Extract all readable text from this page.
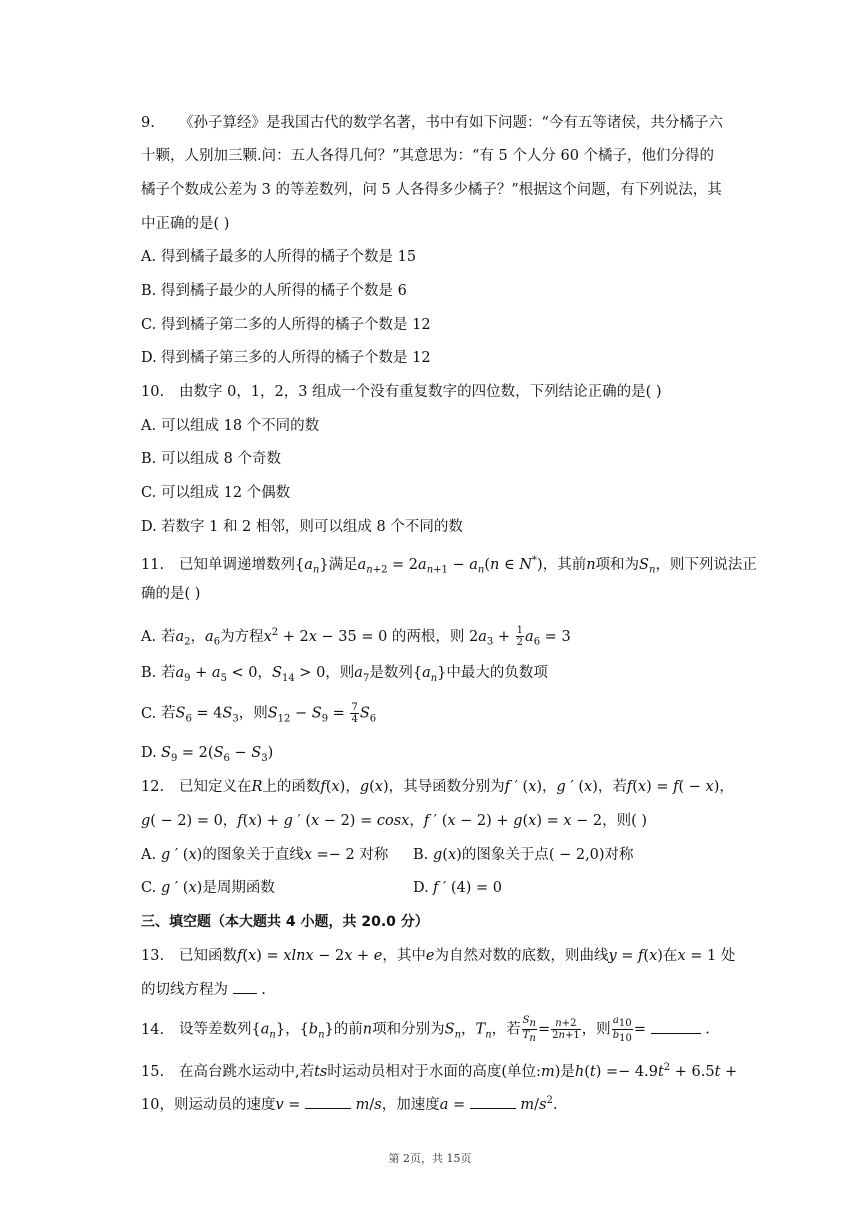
9. 《孙子算经》是我国古代的数学名著，书中有如下问题：“今有五等诸侯，共分橘子六
十颗，人别加三颗.问：五人各得几何？”其意思为：“有 5 个人分 60 个橘子，他们分得的
橘子个数成公差为 3 的等差数列，问 5 人各得多少橘子？”根据这个问题，有下列说法，其
中正确的是( )
A. 得到橘子最多的人所得的橘子个数是 15
B. 得到橘子最少的人所得的橘子个数是 6
C. 得到橘子第二多的人所得的橘子个数是 12
D. 得到橘子第三多的人所得的橘子个数是 12
10. 由数字 0，1，2，3 组成一个没有重复数字的四位数，下列结论正确的是( )
A. 可以组成 18 个不同的数
B. 可以组成 8 个奇数
C. 可以组成 12 个偶数
D. 若数字 1 和 2 相邻，则可以组成 8 个不同的数
11. 已知单调递增数列$\{a_n\}$满足$a_{n+2} = 2a_{n+1} - a_n(n$ ∈ N*)，其前n项和为$S_n$，则下列说法正
确的是( )
A. 若$a_2$，$a_6$为方程$x^2 + 2x - 35 = 0$ 的两根，则 $2a_3 + \frac{1}{2} a_6 = 3$
B. 若$a_9 + a_5 < 0$，$S_{14} > 0$，则$a_7$是数列$\{a_n\}$中最大的负数项
C. 若$S_6 = 4S_3$，则$S_{12} - S_9 = \frac{7}{4} S_6$
D. $S_9 = 2(S_6 - S_3)$
12. 已知定义在R上的函数f(x)，g(x)，其导函数分别为f ′ (x)，g ′ (x)，若f(x) = f( − x)，
g( − 2) = 0，f(x) + g ′ (x − 2) = cosx，f ′ (x − 2) + g(x) = x − 2，则( )
A. g ′ (x)的图象关于直线x =− 2 对称 B. g(x)的图象关于点( − 2,0)对称
C. g ′ (x)是周期函数	D. f ′ (4) = 0
三、填空题（本大题共 4 小题，共 20.0 分）
13. 已知函数f(x) = xlnx − 2x + e，其中e为自然对数的底数，则曲线y = f(x)在x = 1 处
的切线方程为  .
14. 设等差数列$\{a_n\}$，$\{b_n\}$的前n项和分别为$S_n$，$T_n$，若 $\frac{S_n}{T_n} = \frac{n+2}{2n+1}$ ，则 $\frac{a_{10}}{b_{10}}$ =	.
15. 在高台跳水运动中,若ts时运动员相对于水面的高度(单位:m)是$h(t) =- 4.9t^2 + 6.5t$ +
10，则运动员的速度v =	m/s，加速度a =	$m/s^2$.
第 2页，共 15页
